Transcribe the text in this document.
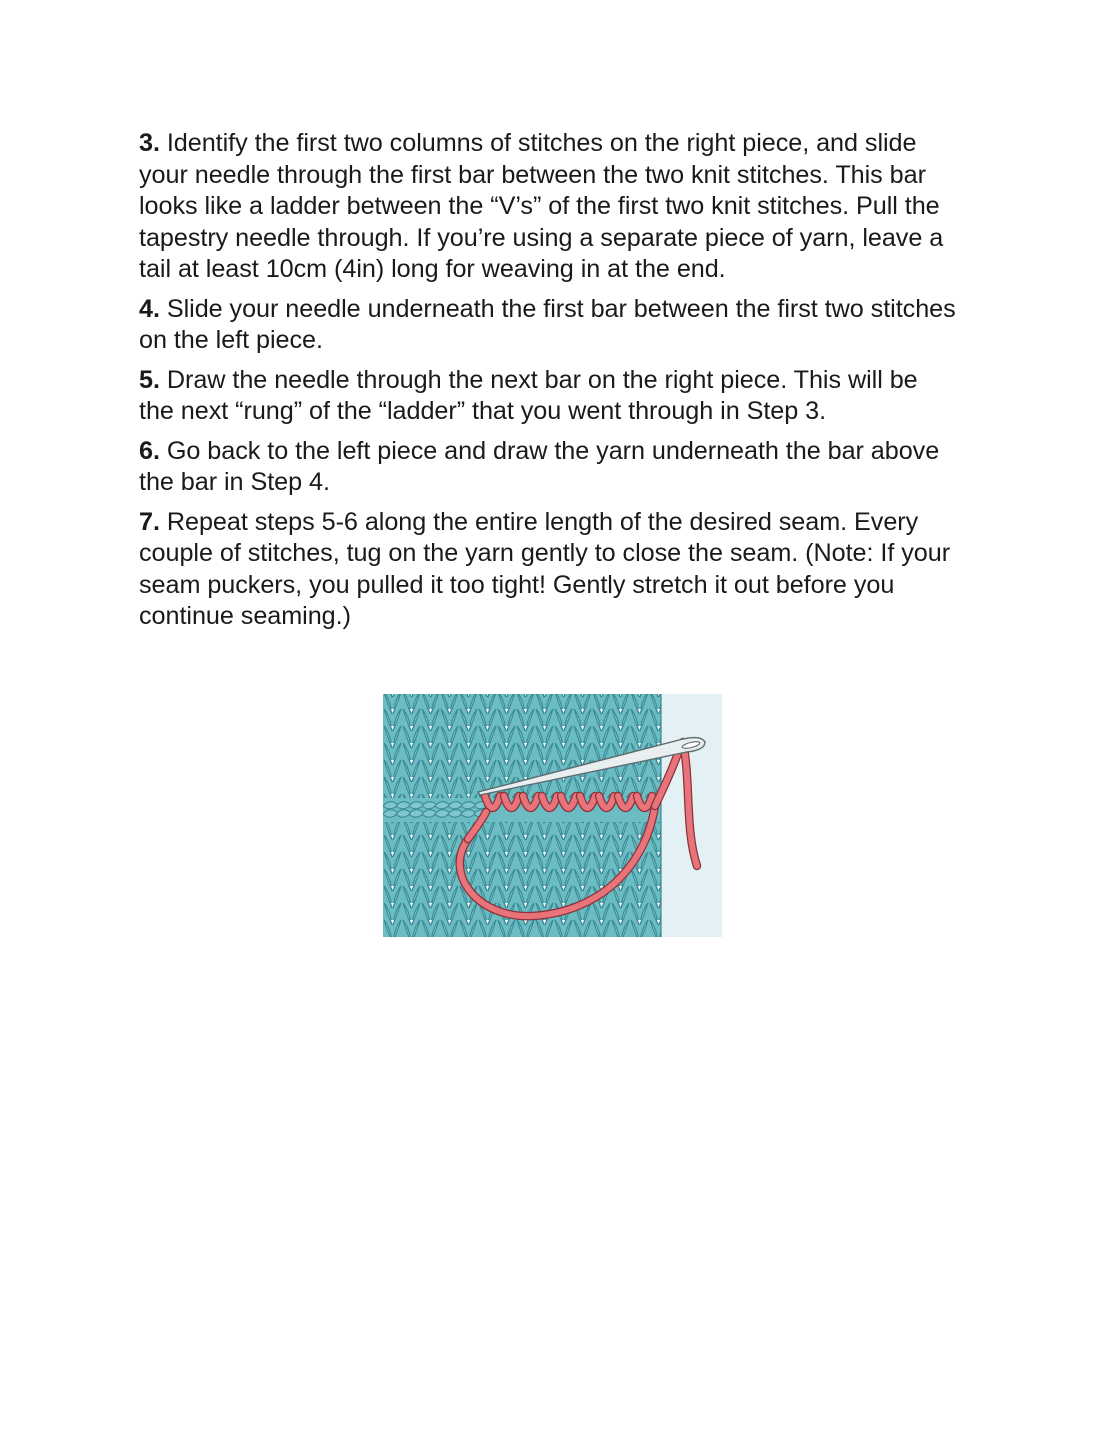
3. Identify the first two columns of stitches on the right piece, and slide your needle through the first bar between the two knit stitches. This bar looks like a ladder between the “V’s” of the first two knit stitches. Pull the tapestry needle through. If you’re using a separate piece of yarn, leave a tail at least 10cm (4in) long for weaving in at the end.

4. Slide your needle underneath the first bar between the first two stitches on the left piece.

5. Draw the needle through the next bar on the right piece. This will be the next “rung” of the “ladder” that you went through in Step 3.

6. Go back to the left piece and draw the yarn underneath the bar above the bar in Step 4.

7. Repeat steps 5-6 along the entire length of the desired seam. Every couple of stitches, tug on the yarn gently to close the seam. (Note: If your seam puckers, you pulled it too tight! Gently stretch it out before you continue seaming.)
